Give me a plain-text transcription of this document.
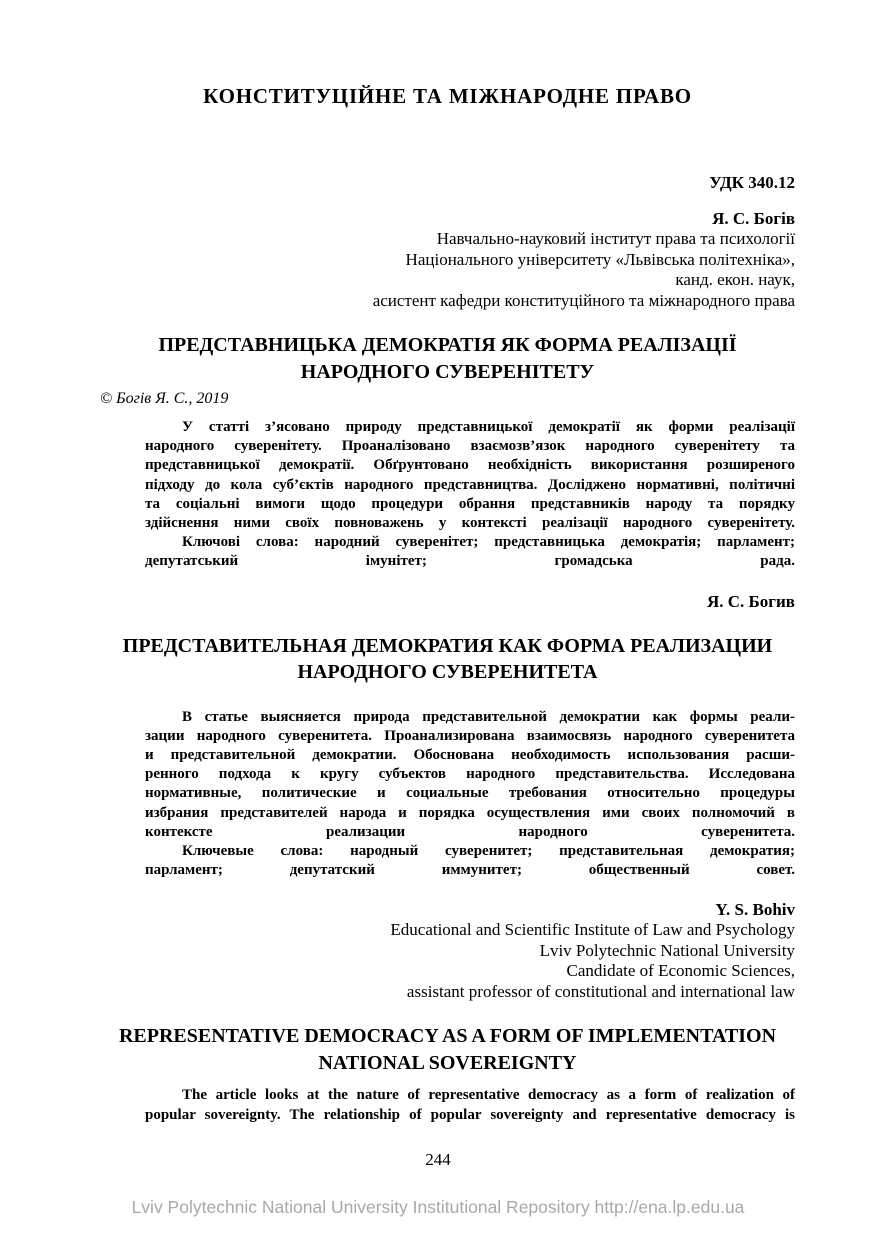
КОНСТИТУЦІЙНЕ ТА МІЖНАРОДНЕ ПРАВО
УДК 340.12
Я. С. Богів
Навчально-науковий інститут права та психології
Національного університету «Львівська політехніка»,
канд. екон. наук,
асистент кафедри конституційного та міжнародного права
ПРЕДСТАВНИЦЬКА ДЕМОКРАТІЯ ЯК ФОРМА РЕАЛІЗАЦІЇ
НАРОДНОГО СУВЕРЕНІТЕТУ
© Богів Я. С., 2019
У статті з’ясовано природу представницької демократії як форми реалізації
народного суверенітету. Проаналізовано взаємозв’язок народного суверенітету та
представницької демократії. Обґрунтовано необхідність використання розширеного
підходу до кола суб’єктів народного представництва. Досліджено нормативні, політичні
та соціальні вимоги щодо процедури обрання представників народу та порядку
здійснення ними своїх повноважень у контексті реалізації народного суверенітету.
Ключові слова: народний суверенітет; представницька демократія; парламент;
депутатський імунітет; громадська рада.
Я. С. Богив
ПРЕДСТАВИТЕЛЬНАЯ ДЕМОКРАТИЯ КАК ФОРМА РЕАЛИЗАЦИИ
НАРОДНОГО СУВЕРЕНИТЕТА
В статье выясняется природа представительной демократии как формы реали-
зации народного суверенитета. Проанализирована взаимосвязь народного суверенитета
и представительной демократии. Обоснована необходимость использования расши-
ренного подхода к кругу субъектов народного представительства. Исследована
нормативные, политические и социальные требования относительно процедуры
избрания представителей народа и порядка осуществления ими своих полномочий в
контексте реализации народного суверенитета.
Ключевые слова: народный суверенитет; представительная демократия;
парламент; депутатский иммунитет; общественный совет.
Y. S. Bohiv
Educational and Scientific Institute of Law and Psychology
Lviv Polytechnic National University
Candidate of Economic Sciences,
assistant professor of constitutional and international law
REPRESENTATIVE DEMOCRACY AS A FORM OF IMPLEMENTATION
NATIONAL SOVEREIGNTY
The article looks at the nature of representative democracy as a form of realization of
popular sovereignty. The relationship of popular sovereignty and representative democracy is
244
Lviv Polytechnic National University Institutional Repository http://ena.lp.edu.ua
